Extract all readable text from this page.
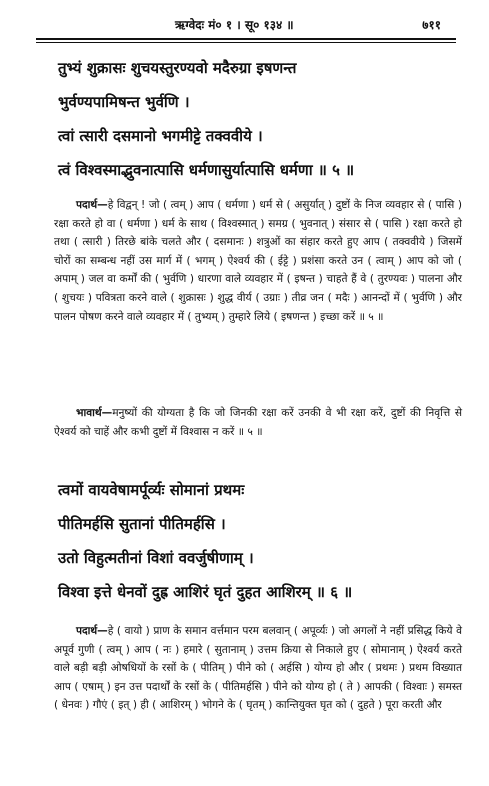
ऋग्वेदः मं० १ । सू० १३४ ॥	७११
तुभ्यं शुक्रासः शुचयस्तुरण्यवो मदैरुग्रा इषणन्त
भुर्वण्यपामिषन्त भुर्वणि ।
त्वां त्सारी दसमानो भगमीट्टे तक्ववीये ।
त्वं विश्वस्माद्भुवनात्पासि धर्मणासुर्यात्पासि धर्मणा ॥ ५ ॥

पदार्थ—हे विद्वन् ! जो ( त्वम् ) आप ( धर्मणा ) धर्म से ( असुर्यात् ) दुष्टों के निज व्यवहार से ( पासि ) रक्षा करते हो वा ( धर्मणा ) धर्म के साथ ( विश्वस्मात् ) समग्र ( भुवनात् ) संसार से ( पासि ) रक्षा करते हो तथा ( त्सारी ) तिरछे बांके चलते और ( दसमानः ) शत्रुओं का संहार करते हुए आप ( तक्ववीये ) जिसमें चोरों का सम्बन्ध नहीं उस मार्ग में ( भगम् ) ऐश्वर्य की ( ईट्टे ) प्रशंसा करते उन ( त्वाम् ) आप को जो ( अपाम् ) जल वा कर्मों की ( भुर्वणि ) धारणा वाले व्यवहार में ( इषन्त ) चाहते हैं वे ( तुरण्यवः ) पालना और ( शुचयः ) पवित्रता करने वाले ( शुक्रासः ) शुद्ध वीर्य ( उग्राः ) तीव्र जन ( मदैः ) आनन्दों में ( भुर्वणि ) और पालन पोषण करने वाले व्यवहार में ( तुभ्यम् ) तुम्हारे लिये ( इषणन्त ) इच्छा करें ॥ ५ ॥

भावार्थ—मनुष्यों की योग्यता है कि जो जिनकी रक्षा करें उनकी वे भी रक्षा करें, दुष्टों की निवृत्ति से ऐश्वर्य को चाहें और कभी दुष्टों में विश्वास न करें ॥ ५ ॥

त्वमों वायवेषामर्पूर्व्यः सोमानां प्रथमः
पीतिमर्हसि सुतानां पीतिमर्हसि ।
उतो विहुत्मतीनां विशां ववर्जुषीणाम् ।
विश्वा इत्ते धेनवों दुह्र आशिरं घृतं दुहत आशिरम् ॥ ६ ॥

पदार्थ—हे ( वायो ) प्राण के समान वर्त्तमान परम बलवान् ( अपूर्व्यः ) जो अगलों ने नहीं प्रसिद्ध किये वे अपूर्व गुणी ( त्वम् ) आप ( नः ) हमारे ( सुतानाम् ) उत्तम क्रिया से निकाले हुए ( सोमानाम् ) ऐश्वर्य करते वाले बड़ी बड़ी ओषधियों के रसों के ( पीतिम् ) पीने को ( अर्हसि ) योग्य हो और ( प्रथमः ) प्रथम विख्यात आप ( एषाम् ) इन उत्त पदार्थों के रसों के ( पीतिमर्हसि ) पीने को योग्य हो ( ते ) आपकी ( विश्वाः ) समस्त ( धेनवः ) गौएं ( इत् ) ही ( आशिरम् ) भोगने के ( घृतम् ) कान्तियुक्त घृत को ( दुहते ) पूरा करती और
